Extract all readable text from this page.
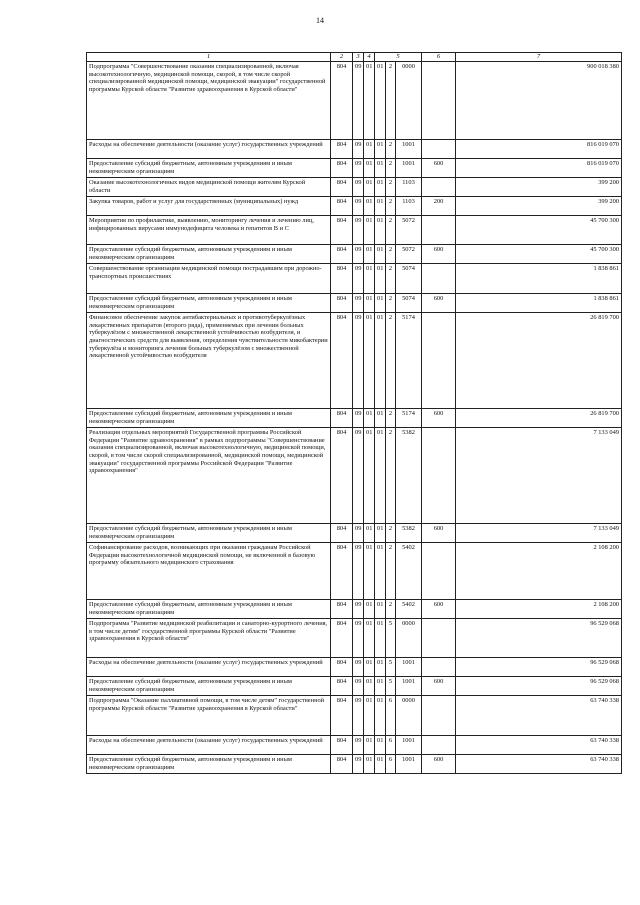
14
1	2	3	4	5			6	7
Подпрограмма "Совершенствование оказания специализированной, включая высокотехнологичную, медицинской помощи, скорой, в том числе скорой специализированной медицинской помощи, медицинской эвакуации" государственной программы Курской области "Развитие здравоохранения в Курской области"	804	09	01	01	2	0000		900 018 380
Расходы на обеспечение деятельности (оказание услуг) государственных учреждений	804	09	01	01	2	1001		816 019 070
Предоставление субсидий бюджетным, автономным учреждениям и иным некоммерческим организациям	804	09	01	01	2	1001	600	816 019 070
Оказание высокотехнологичных видов медицинской помощи жителям Курской области	804	09	01	01	2	1103		399 200
Закупка товаров, работ и услуг для государственных (муниципальных) нужд	804	09	01	01	2	1103	200	399 200
Мероприятия по профилактике, выявлению, мониторингу лечения и лечению лиц, инфицированных вирусами иммунодефицита человека и гепатитов В и С	804	09	01	01	2	5072		45 700 300
Предоставление субсидий бюджетным, автономным учреждениям и иным некоммерческим организациям	804	09	01	01	2	5072	600	45 700 300
Совершенствование организации медицинской помощи пострадавшим при дорожно-транспортных происшествиях	804	09	01	01	2	5074		1 838 861
Предоставление субсидий бюджетным, автономным учреждениям и иным некоммерческим организациям	804	09	01	01	2	5074	600	1 838 861
Финансовое обеспечение закупок антибактериальных и противотуберкулёзных лекарственных препаратов (второго ряда), применяемых при лечении больных туберкулёзом с множественной лекарственной устойчивостью возбудителя, и диагностических средств для выявления, определения чувствительности микобактерии туберкулёза и мониторинга лечения больных туберкулёзом с множественной лекарственной устойчивостью возбудителя	804	09	01	01	2	5174		26 819 700
Предоставление субсидий бюджетным, автономным учреждениям и иным некоммерческим организациям	804	09	01	01	2	5174	600	26 819 700
Реализация отдельных мероприятий Государственной программы Российской Федерации "Развитие здравоохранения" в рамках подпрограммы "Совершенствование оказания специализированной, включая высокотехнологичную, медицинской помощи, скорой, в том числе скорой специализированной, медицинской помощи, медицинской эвакуации" государственной программы Российской Федерации "Развитие здравоохранения"	804	09	01	01	2	5382		7 133 049
Предоставление субсидий бюджетным, автономным учреждениям и иным некоммерческим организациям	804	09	01	01	2	5382	600	7 133 049
Софинансирование расходов, возникающих при оказании гражданам Российской Федерации высокотехнологичной медицинской помощи, не включенной в базовую программу обязательного медицинского страхования	804	09	01	01	2	5402		2 108 200
Предоставление субсидий бюджетным, автономным учреждениям и иным некоммерческим организациям	804	09	01	01	2	5402	600	2 108 200
Подпрограмма "Развитие медицинской реабилитации и санаторно-курортного лечения, в том числе детям" государственной программы Курской области "Развитие здравоохранения в Курской области"	804	09	01	01	5	0000		96 529 068
Расходы на обеспечение деятельности (оказание услуг) государственных учреждений	804	09	01	01	5	1001		96 529 068
Предоставление субсидий бюджетным, автономным учреждениям и иным некоммерческим организациям	804	09	01	01	5	1001	600	96 529 068
Подпрограмма "Оказание паллиативной помощи, в том числе детям" государственной программы Курской области "Развитие здравоохранения в Курской области"	804	09	01	01	6	0000		63 740 338
Расходы на обеспечение деятельности (оказание услуг) государственных учреждений	804	09	01	01	6	1001		63 740 338
Предоставление субсидий бюджетным, автономным учреждениям и иным некоммерческим организациям	804	09	01	01	6	1001	600	63 740 338
